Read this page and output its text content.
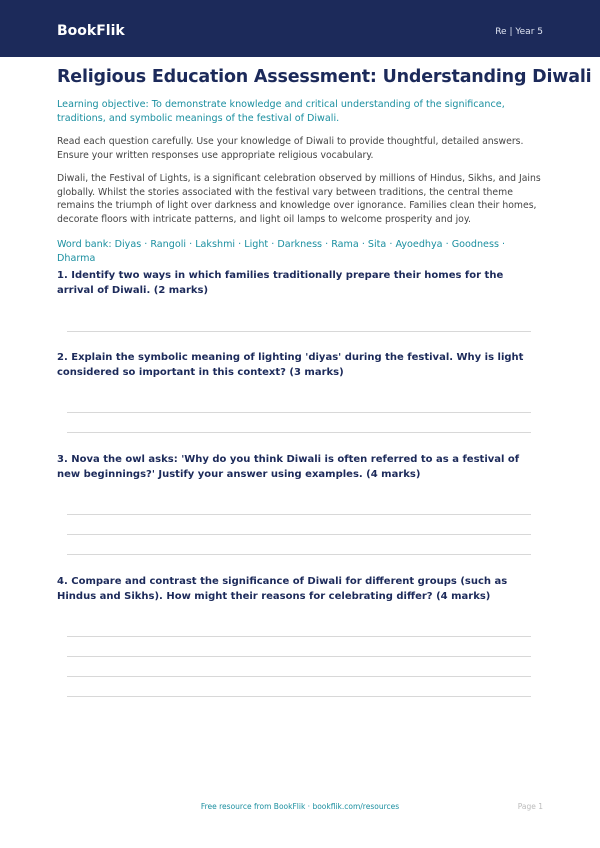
BookFlik	Re | Year 5
Religious Education Assessment: Understanding Diwali
Learning objective: To demonstrate knowledge and critical understanding of the significance, traditions, and symbolic meanings of the festival of Diwali.
Read each question carefully. Use your knowledge of Diwali to provide thoughtful, detailed answers. Ensure your written responses use appropriate religious vocabulary.
Diwali, the Festival of Lights, is a significant celebration observed by millions of Hindus, Sikhs, and Jains globally. Whilst the stories associated with the festival vary between traditions, the central theme remains the triumph of light over darkness and knowledge over ignorance. Families clean their homes, decorate floors with intricate patterns, and light oil lamps to welcome prosperity and joy.
Word bank: Diyas · Rangoli · Lakshmi · Light · Darkness · Rama · Sita · Ayoedhya · Goodness · Dharma
1. Identify two ways in which families traditionally prepare their homes for the arrival of Diwali. (2 marks)
2. Explain the symbolic meaning of lighting 'diyas' during the festival. Why is light considered so important in this context? (3 marks)
3. Nova the owl asks: 'Why do you think Diwali is often referred to as a festival of new beginnings?' Justify your answer using examples. (4 marks)
4. Compare and contrast the significance of Diwali for different groups (such as Hindus and Sikhs). How might their reasons for celebrating differ? (4 marks)
Free resource from BookFlik · bookflik.com/resources	Page 1
